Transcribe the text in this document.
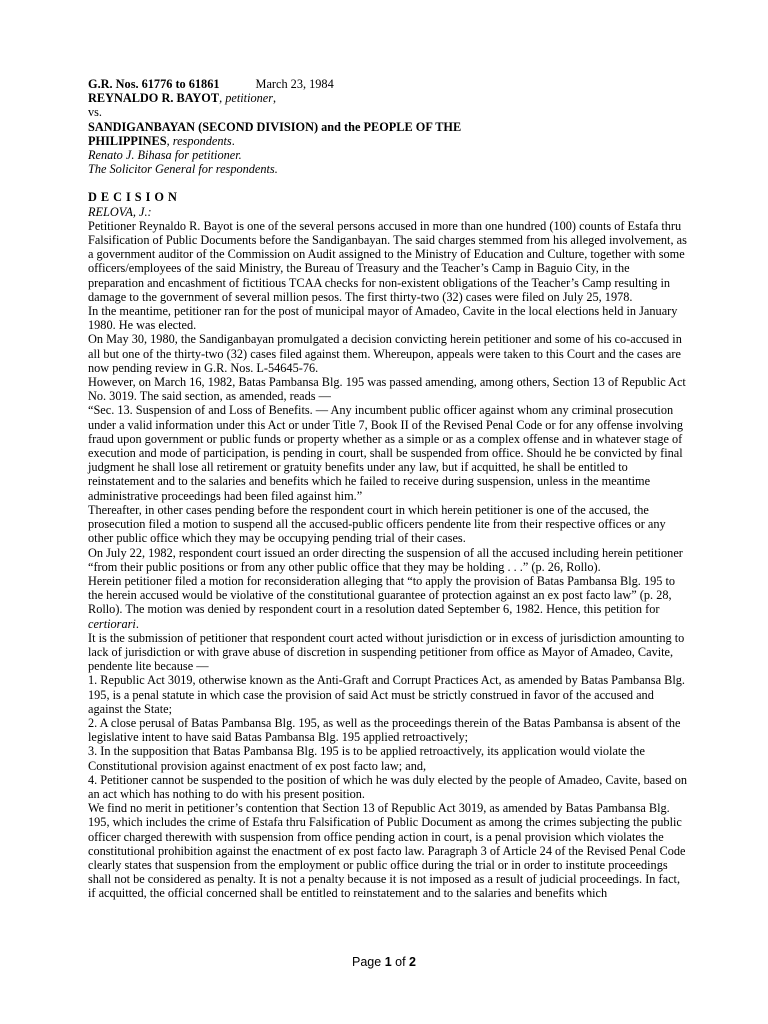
G.R. Nos. 61776 to 61861	March 23, 1984

REYNALDO R. BAYOT, petitioner,

vs.

SANDIGANBAYAN (SECOND DIVISION) and the PEOPLE OF THE

PHILIPPINES, respondents.

Renato J. Bihasa for petitioner.

The Solicitor General for respondents.

DECISION

RELOVA, J.:

Petitioner Reynaldo R. Bayot is one of the several persons accused in more than one hundred (100) counts of Estafa thru Falsification of Public Documents before the Sandiganbayan. The said charges stemmed from his alleged involvement, as a government auditor of the Commission on Audit assigned to the Ministry of Education and Culture, together with some officers/employees of the said Ministry, the Bureau of Treasury and the Teacher’s Camp in Baguio City, in the preparation and encashment of fictitious TCAA checks for non-existent obligations of the Teacher’s Camp resulting in damage to the government of several million pesos. The first thirty-two (32) cases were filed on July 25, 1978.

In the meantime, petitioner ran for the post of municipal mayor of Amadeo, Cavite in the local elections held in January 1980. He was elected.

On May 30, 1980, the Sandiganbayan promulgated a decision convicting herein petitioner and some of his co-accused in all but one of the thirty-two (32) cases filed against them. Whereupon, appeals were taken to this Court and the cases are now pending review in G.R. Nos. L-54645-76.

However, on March 16, 1982, Batas Pambansa Blg. 195 was passed amending, among others, Section 13 of Republic Act No. 3019. The said section, as amended, reads —

“Sec. 13. Suspension of and Loss of Benefits. — Any incumbent public officer against whom any criminal prosecution under a valid information under this Act or under Title 7, Book II of the Revised Penal Code or for any offense involving fraud upon government or public funds or property whether as a simple or as a complex offense and in whatever stage of execution and mode of participation, is pending in court, shall be suspended from office. Should he be convicted by final judgment he shall lose all retirement or gratuity benefits under any law, but if acquitted, he shall be entitled to reinstatement and to the salaries and benefits which he failed to receive during suspension, unless in the meantime administrative proceedings had been filed against him.”

Thereafter, in other cases pending before the respondent court in which herein petitioner is one of the accused, the prosecution filed a motion to suspend all the accused-public officers pendente lite from their respective offices or any other public office which they may be occupying pending trial of their cases.

On July 22, 1982, respondent court issued an order directing the suspension of all the accused including herein petitioner “from their public positions or from any other public office that they may be holding . . .” (p. 26, Rollo).

Herein petitioner filed a motion for reconsideration alleging that “to apply the provision of Batas Pambansa Blg. 195 to the herein accused would be violative of the constitutional guarantee of protection against an ex post facto law” (p. 28, Rollo). The motion was denied by respondent court in a resolution dated September 6, 1982. Hence, this petition for certiorari.

It is the submission of petitioner that respondent court acted without jurisdiction or in excess of jurisdiction amounting to lack of jurisdiction or with grave abuse of discretion in suspending petitioner from office as Mayor of Amadeo, Cavite, pendente lite because —

1. Republic Act 3019, otherwise known as the Anti-Graft and Corrupt Practices Act, as amended by Batas Pambansa Blg. 195, is a penal statute in which case the provision of said Act must be strictly construed in favor of the accused and against the State;

2. A close perusal of Batas Pambansa Blg. 195, as well as the proceedings therein of the Batas Pambansa is absent of the legislative intent to have said Batas Pambansa Blg. 195 applied retroactively;

3. In the supposition that Batas Pambansa Blg. 195 is to be applied retroactively, its application would violate the Constitutional provision against enactment of ex post facto law; and,

4. Petitioner cannot be suspended to the position of which he was duly elected by the people of Amadeo, Cavite, based on an act which has nothing to do with his present position.

We find no merit in petitioner’s contention that Section 13 of Republic Act 3019, as amended by Batas Pambansa Blg. 195, which includes the crime of Estafa thru Falsification of Public Document as among the crimes subjecting the public officer charged therewith with suspension from office pending action in court, is a penal provision which violates the constitutional prohibition against the enactment of ex post facto law. Paragraph 3 of Article 24 of the Revised Penal Code clearly states that suspension from the employment or public office during the trial or in order to institute proceedings shall not be considered as penalty. It is not a penalty because it is not imposed as a result of judicial proceedings. In fact, if acquitted, the official concerned shall be entitled to reinstatement and to the salaries and benefits which

Page 1 of 2
